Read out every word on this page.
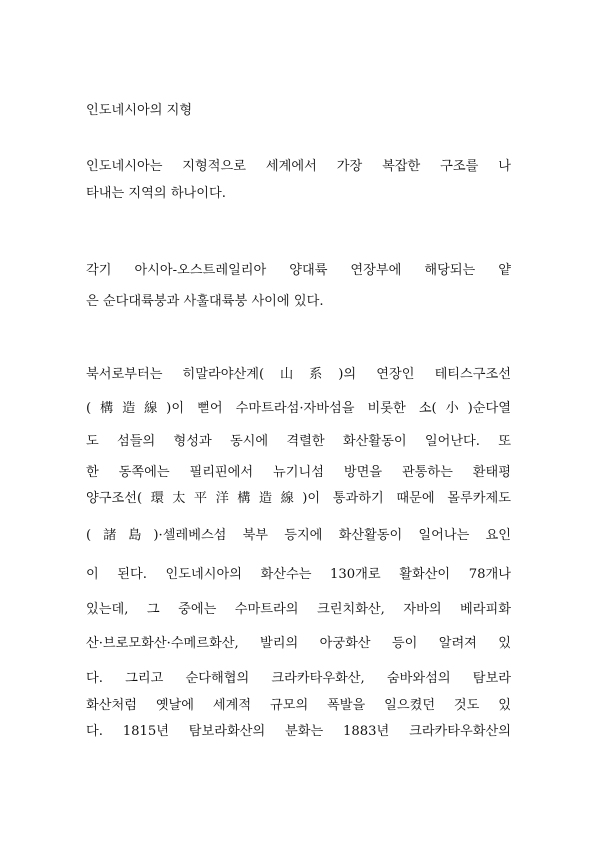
인도네시아의 지형
인도네시아는 지형적으로 세계에서 가장 복잡한 구조를 나
타내는 지역의 하나이다.
각기 아시아-오스트레일리아 양대륙 연장부에 해당되는 얕
은 순다대륙붕과 사훌대륙붕 사이에 있다.
북서로부터는 히말라야산계(山系)의 연장인 테티스구조선
(構造線)이 뻗어 수마트라섬·자바섬을 비롯한 소(小)순다열
도 섬들의 형성과 동시에 격렬한 화산활동이 일어난다. 또
한 동쪽에는 필리핀에서 뉴기니섬 방면을 관통하는 환태평
양구조선(環太平洋構造線)이 통과하기 때문에 몰루카제도
(諸島)·셀레베스섬 북부 등지에 화산활동이 일어나는 요인
이 된다. 인도네시아의 화산수는 130개로 활화산이 78개나
있는데, 그 중에는 수마트라의 크린치화산, 자바의 베라피화
산·브로모화산·수메르화산, 발리의 아궁화산 등이 알려져 있
다. 그리고 순다해협의 크라카타우화산, 숨바와섬의 탐보라
화산처럼 옛날에 세계적 규모의 폭발을 일으켰던 것도 있
다. 1815년 탐보라화산의 분화는 1883년 크라카타우화산의
